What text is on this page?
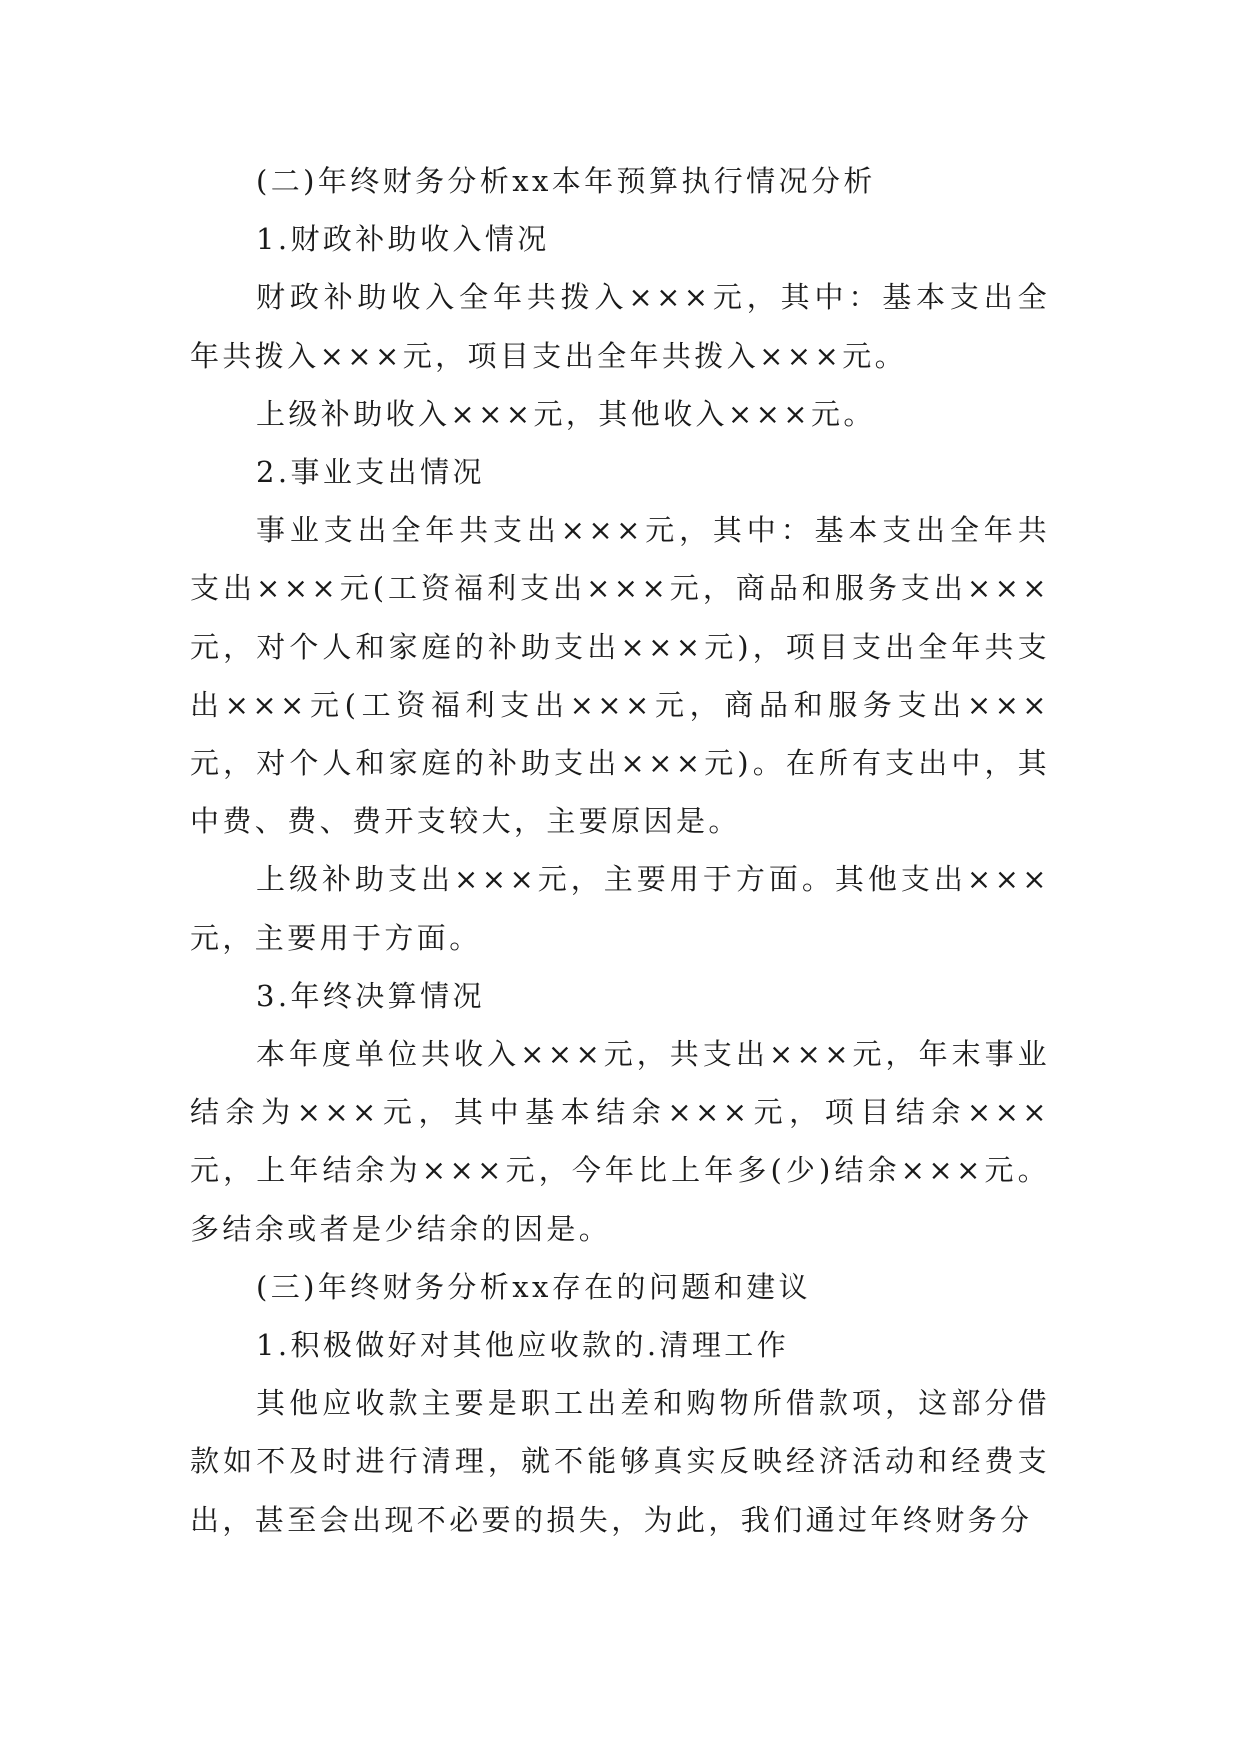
(二)年终财务分析xx本年预算执行情况分析

1.财政补助收入情况

财政补助收入全年共拨入×××元，其中：基本支出全年共拨入×××元，项目支出全年共拨入×××元。

上级补助收入×××元，其他收入×××元。

2.事业支出情况

事业支出全年共支出×××元，其中：基本支出全年共支出×××元(工资福利支出×××元，商品和服务支出×××元，对个人和家庭的补助支出×××元)，项目支出全年共支出×××元(工资福利支出×××元，商品和服务支出×××元，对个人和家庭的补助支出×××元)。在所有支出中，其中费、费、费开支较大，主要原因是。

上级补助支出×××元，主要用于方面。其他支出×××元，主要用于方面。

3.年终决算情况

本年度单位共收入×××元，共支出×××元，年末事业结余为×××元，其中基本结余×××元，项目结余×××元，上年结余为×××元，今年比上年多(少)结余×××元。多结余或者是少结余的因是。

(三)年终财务分析xx存在的问题和建议

1.积极做好对其他应收款的.清理工作

其他应收款主要是职工出差和购物所借款项，这部分借款如不及时进行清理，就不能够真实反映经济活动和经费支出，甚至会出现不必要的损失，为此，我们通过年终财务分
